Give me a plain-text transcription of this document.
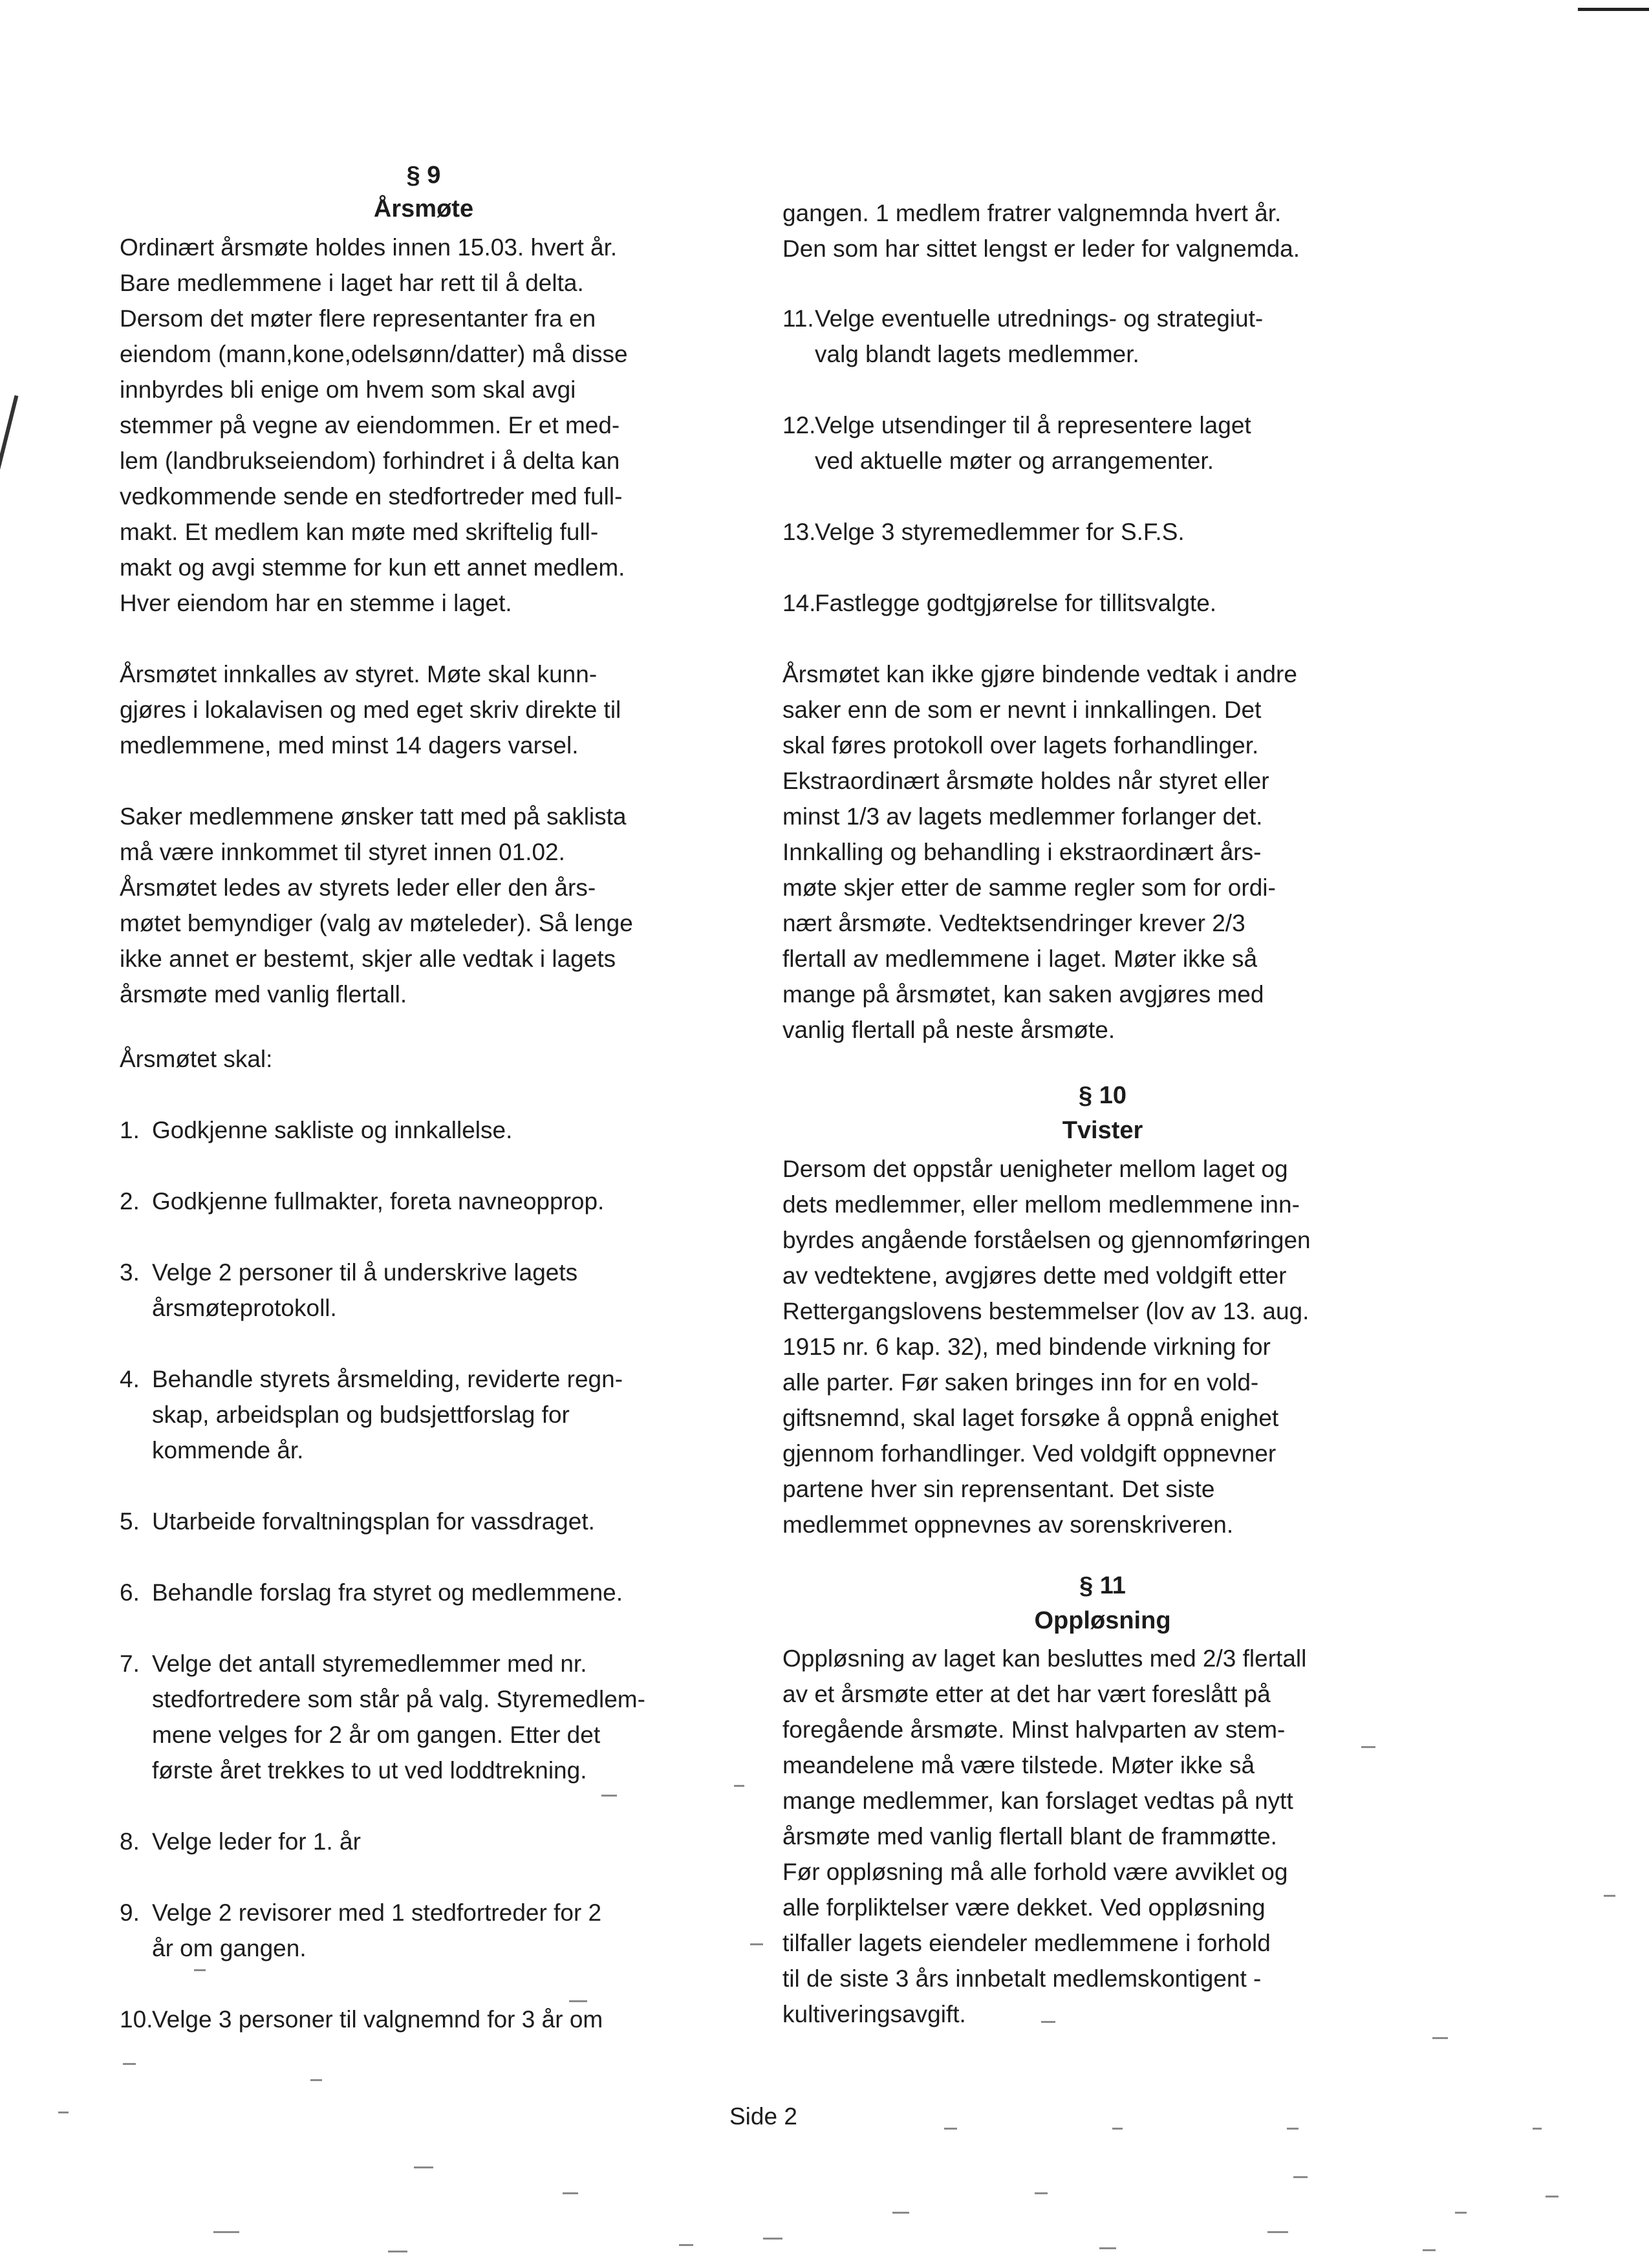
§ 9
Årsmøte
Ordinært årsmøte holdes innen 15.03. hvert år.
Bare medlemmene i laget har rett til å delta.
Dersom det møter flere representanter fra en
eiendom (mann,kone,odelsønn/datter) må disse
innbyrdes bli enige om hvem som skal avgi
stemmer på vegne av eiendommen. Er et med-
lem (landbrukseiendom) forhindret i å delta kan
vedkommende sende en stedfortreder med full-
makt. Et medlem kan møte med skriftelig full-
makt og avgi stemme for kun ett annet medlem.
Hver eiendom har en stemme i laget.
Årsmøtet innkalles av styret. Møte skal kunn-
gjøres i lokalavisen og med eget skriv direkte til
medlemmene, med minst 14 dagers varsel.
Saker medlemmene ønsker tatt med på saklista
må være innkommet til styret innen 01.02.
Årsmøtet ledes av styrets leder eller den års-
møtet bemyndiger (valg av møteleder). Så lenge
ikke annet er bestemt, skjer alle vedtak i lagets
årsmøte med vanlig flertall.
Årsmøtet skal:
1. Godkjenne sakliste og innkallelse.
2. Godkjenne fullmakter, foreta navneopprop.
3. Velge 2 personer til å underskrive lagets
årsmøteprotokoll.
4. Behandle styrets årsmelding, reviderte regn-
skap, arbeidsplan og budsjettforslag for
kommende år.
5. Utarbeide forvaltningsplan for vassdraget.
6. Behandle forslag fra styret og medlemmene.
7. Velge det antall styremedlemmer med nr.
stedfortredere som står på valg. Styremedlem-
mene velges for 2 år om gangen. Etter det
første året trekkes to ut ved loddtrekning.
8. Velge leder for 1. år
9. Velge 2 revisorer med 1 stedfortreder for 2
år om gangen.
10.Velge 3 personer til valgnemnd for 3 år om
gangen. 1 medlem fratrer valgnemnda hvert år.
Den som har sittet lengst er leder for valgnemda.
11.Velge eventuelle utrednings- og strategiut-
valg blandt lagets medlemmer.
12.Velge utsendinger til å representere laget
ved aktuelle møter og arrangementer.
13.Velge 3 styremedlemmer for S.F.S.
14.Fastlegge godtgjørelse for tillitsvalgte.
Årsmøtet kan ikke gjøre bindende vedtak i andre
saker enn de som er nevnt i innkallingen. Det
skal føres protokoll over lagets forhandlinger.
Ekstraordinært årsmøte holdes når styret eller
minst 1/3 av lagets medlemmer forlanger det.
Innkalling og behandling i ekstraordinært års-
møte skjer etter de samme regler som for ordi-
nært årsmøte. Vedtektsendringer krever 2/3
flertall av medlemmene i laget. Møter ikke så
mange på årsmøtet, kan saken avgjøres med
vanlig flertall på neste årsmøte.
§ 10
Tvister
Dersom det oppstår uenigheter mellom laget og
dets medlemmer, eller mellom medlemmene inn-
byrdes angående forståelsen og gjennomføringen
av vedtektene, avgjøres dette med voldgift etter
Rettergangslovens bestemmelser (lov av 13. aug.
1915 nr. 6 kap. 32), med bindende virkning for
alle parter. Før saken bringes inn for en vold-
giftsnemnd, skal laget forsøke å oppnå enighet
gjennom forhandlinger. Ved voldgift oppnevner
partene hver sin reprensentant. Det siste
medlemmet oppnevnes av sorenskriveren.
§ 11
Oppløsning
Oppløsning av laget kan besluttes med 2/3 flertall
av et årsmøte etter at det har vært foreslått på
foregående årsmøte. Minst halvparten av stem-
meandelene må være tilstede. Møter ikke så
mange medlemmer, kan forslaget vedtas på nytt
årsmøte med vanlig flertall blant de frammøtte.
Før oppløsning må alle forhold være avviklet og
alle forpliktelser være dekket. Ved oppløsning
tilfaller lagets eiendeler medlemmene i forhold
til de siste 3 års innbetalt medlemskontigent -
kultiveringsavgift.
Side 2
